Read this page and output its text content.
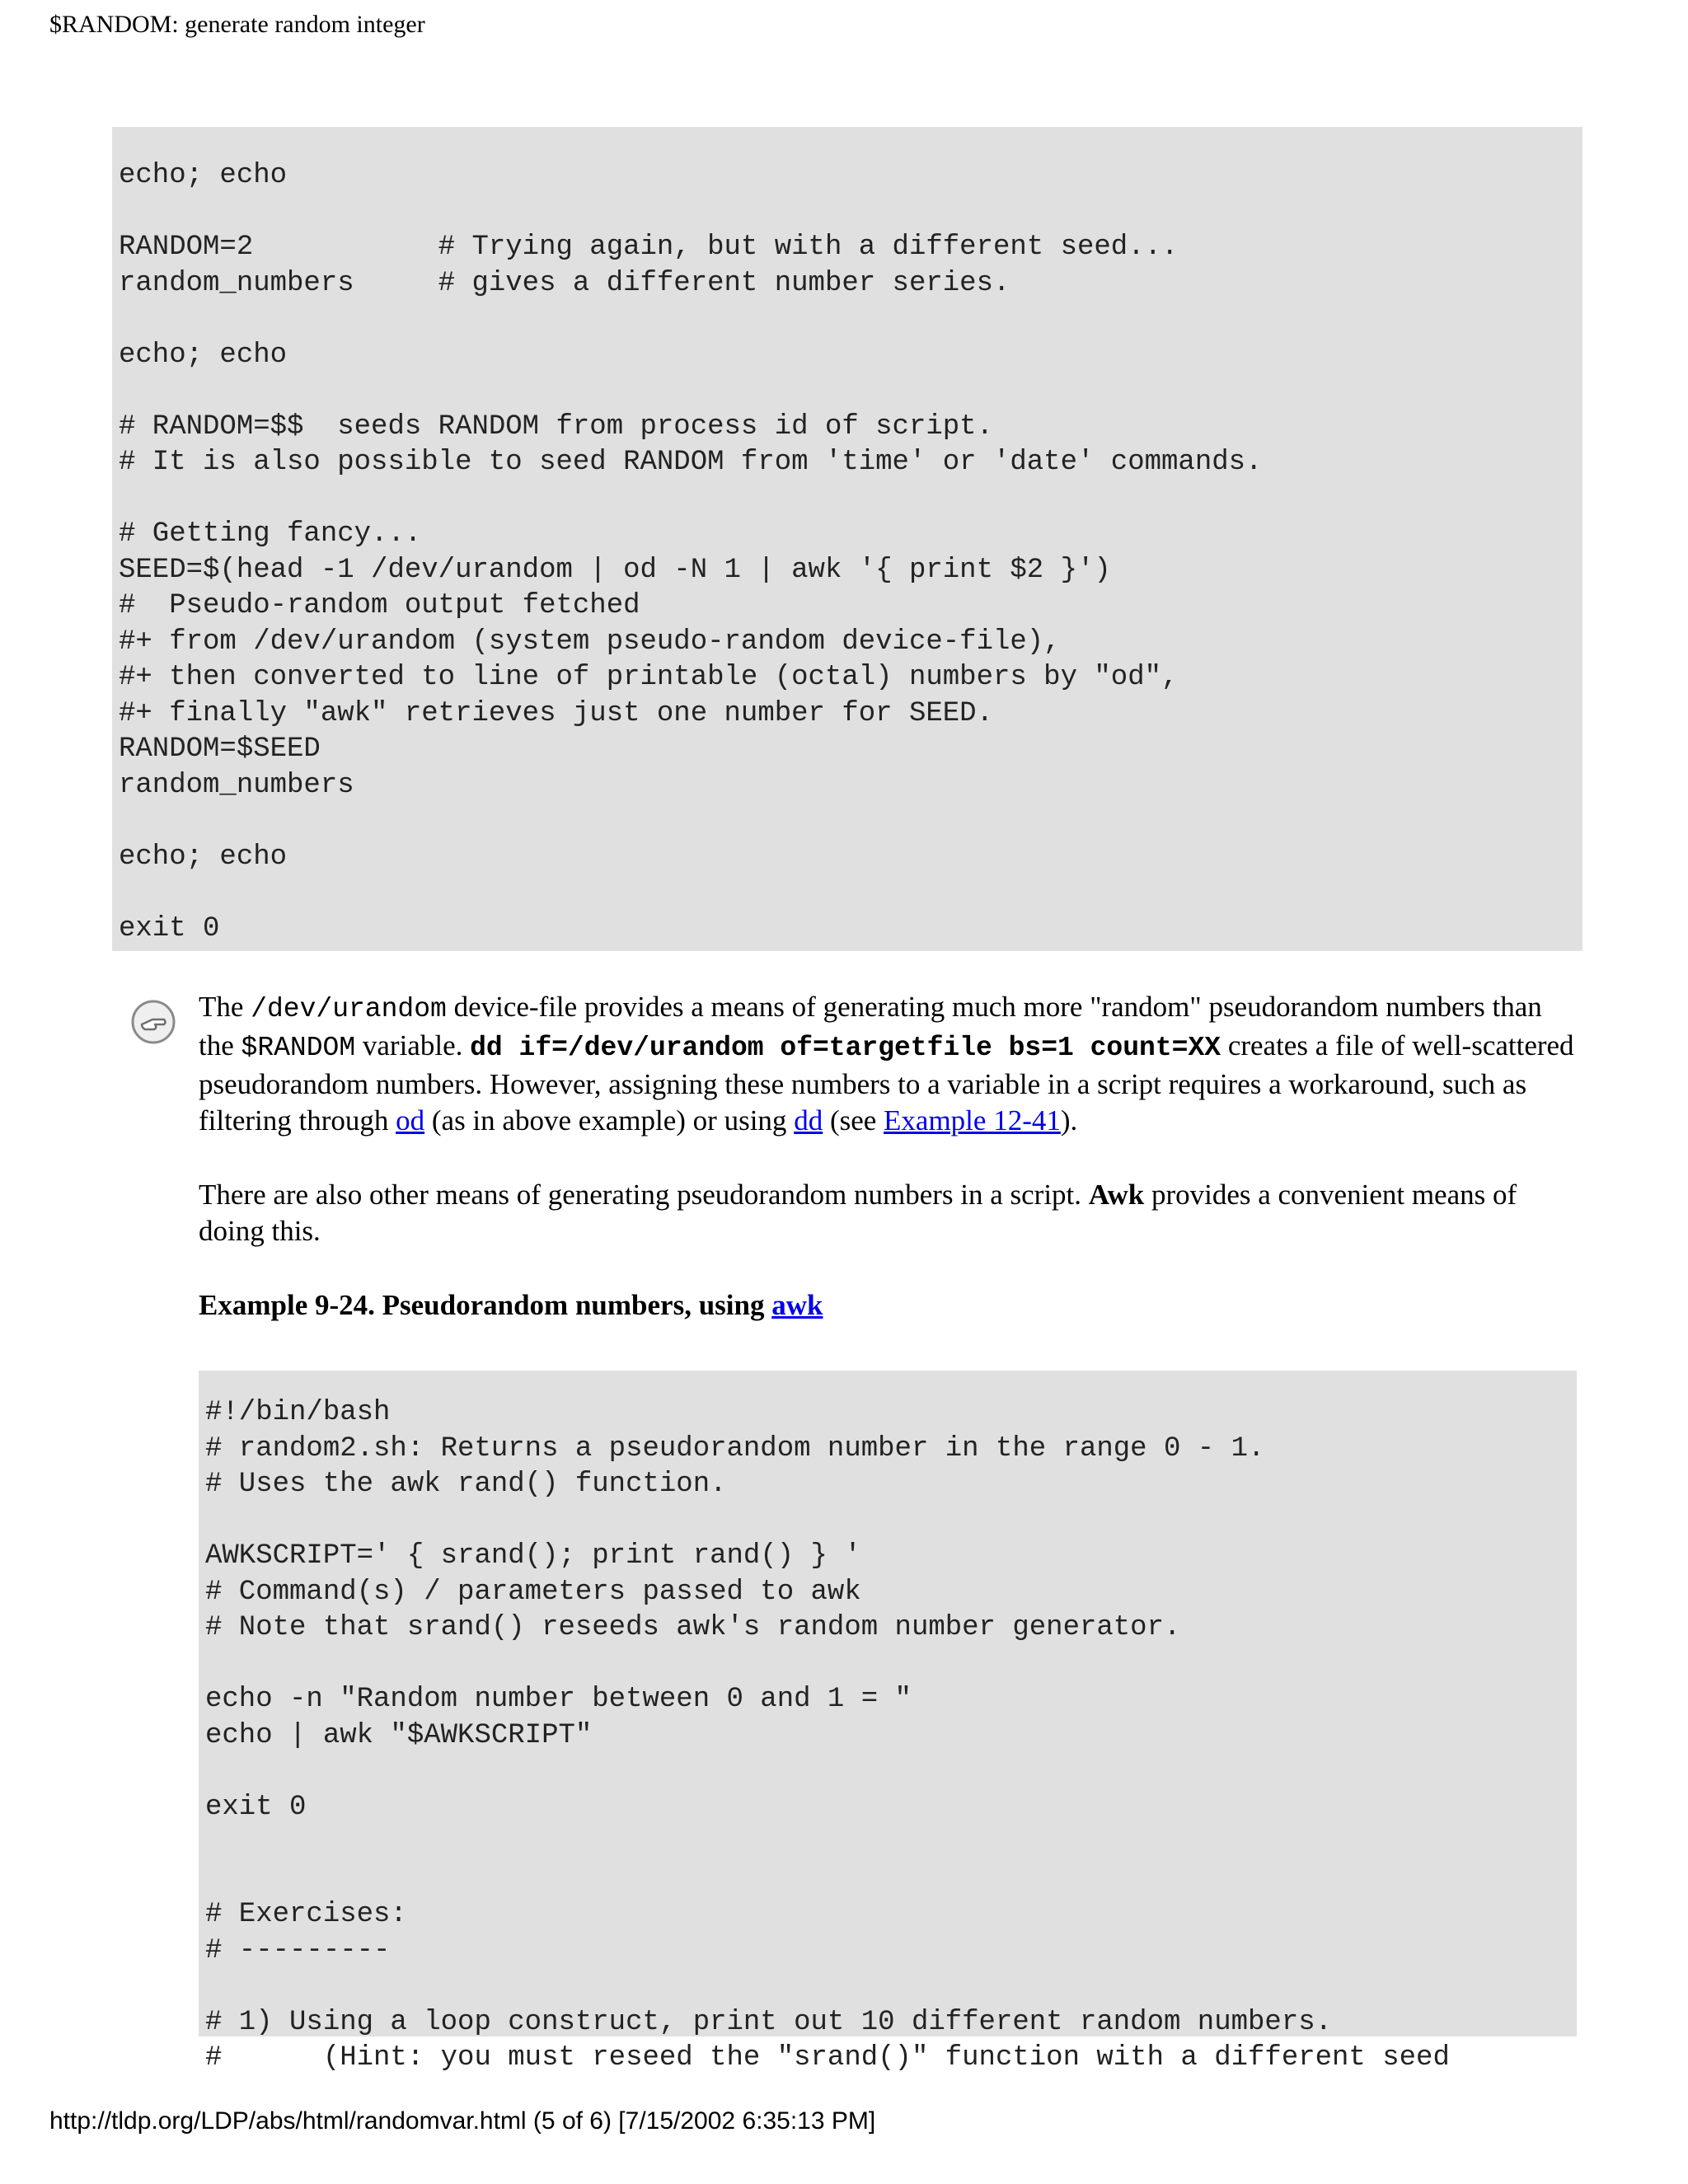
$RANDOM: generate random integer
echo; echo

RANDOM=2           # Trying again, but with a different seed...
random_numbers     # gives a different number series.

echo; echo

# RANDOM=$$  seeds RANDOM from process id of script.
# It is also possible to seed RANDOM from 'time' or 'date' commands.

# Getting fancy...
SEED=$(head -1 /dev/urandom | od -N 1 | awk '{ print $2 }')
#  Pseudo-random output fetched
#+ from /dev/urandom (system pseudo-random device-file),
#+ then converted to line of printable (octal) numbers by "od",
#+ finally "awk" retrieves just one number for SEED.
RANDOM=$SEED
random_numbers

echo; echo

exit 0

The /dev/urandom device-file provides a means of generating much more "random" pseudorandom numbers than the $RANDOM variable. dd if=/dev/urandom of=targetfile bs=1 count=XX creates a file of well-scattered pseudorandom numbers. However, assigning these numbers to a variable in a script requires a workaround, such as filtering through od (as in above example) or using dd (see Example 12-41).

There are also other means of generating pseudorandom numbers in a script. Awk provides a convenient means of doing this.

Example 9-24. Pseudorandom numbers, using awk

#!/bin/bash
# random2.sh: Returns a pseudorandom number in the range 0 - 1.
# Uses the awk rand() function.

AWKSCRIPT=' { srand(); print rand() } '
# Command(s) / parameters passed to awk
# Note that srand() reseeds awk's random number generator.

echo -n "Random number between 0 and 1 = "
echo | awk "$AWKSCRIPT"

exit 0

# Exercises:
# ---------

# 1) Using a loop construct, print out 10 different random numbers.
#      (Hint: you must reseed the "srand()" function with a different seed
http://tldp.org/LDP/abs/html/randomvar.html (5 of 6) [7/15/2002 6:35:13 PM]
